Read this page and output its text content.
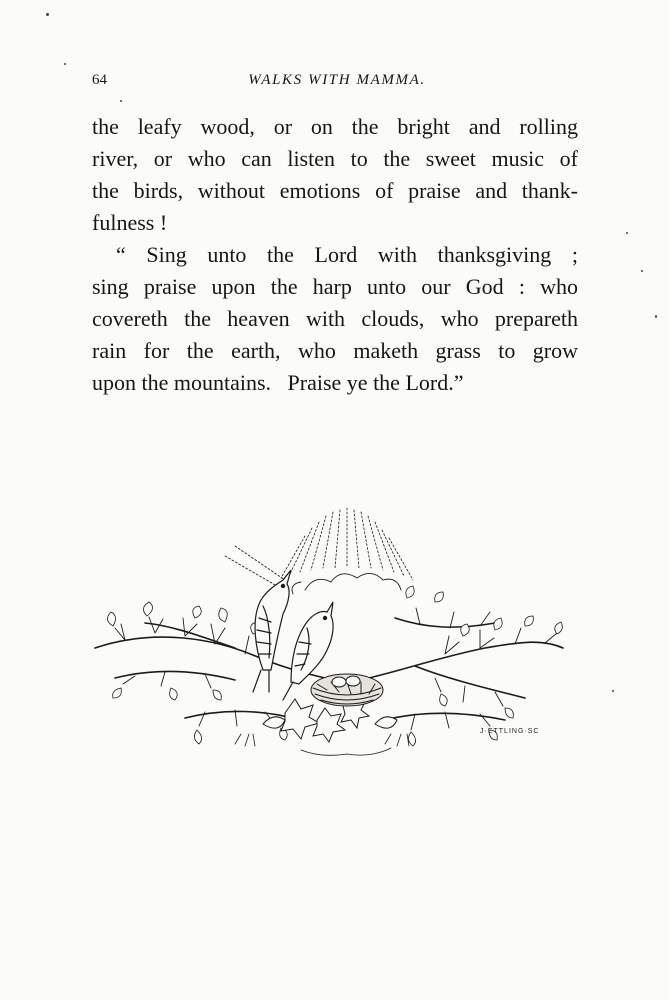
64	WALKS WITH MAMMA.

the leafy wood, or on the bright and rolling

river, or who can listen to the sweet music of

the birds, without emotions of praise and thank-

fulness !

“ Sing unto the Lord with thanksgiving ;

sing praise upon the harp unto our God : who

covereth the heaven with clouds, who prepareth

rain for the earth, who maketh grass to grow

upon the mountains.   Praise ye the Lord.”

J·ETTLING·SC
